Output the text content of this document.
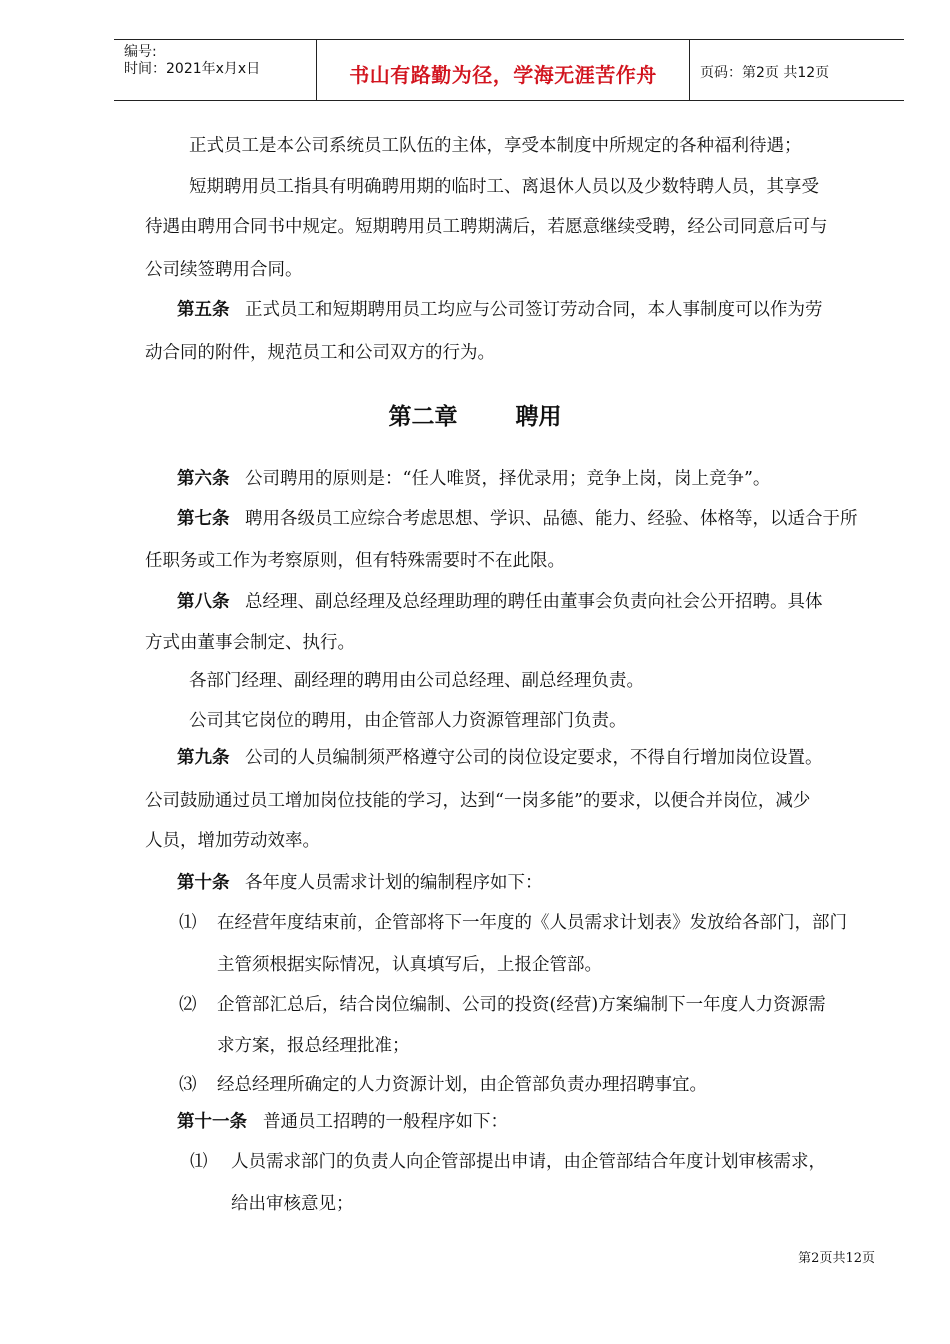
编号:
时间：2021年x月x日	书山有路勤为径，学海无涯苦作舟	页码：第2页 共12页
正式员工是本公司系统员工队伍的主体，享受本制度中所规定的各种福利待遇；
短期聘用员工指具有明确聘用期的临时工、离退休人员以及少数特聘人员，其享受
待遇由聘用合同书中规定。短期聘用员工聘期满后，若愿意继续受聘，经公司同意后可与
公司续签聘用合同。
第五条 正式员工和短期聘用员工均应与公司签订劳动合同，本人事制度可以作为劳
动合同的附件，规范员工和公司双方的行为。
第二章	聘用
第六条 公司聘用的原则是：“任人唯贤，择优录用；竞争上岗，岗上竞争”。
第七条 聘用各级员工应综合考虑思想、学识、品德、能力、经验、体格等，以适合于所
任职务或工作为考察原则，但有特殊需要时不在此限。
第八条 总经理、副总经理及总经理助理的聘任由董事会负责向社会公开招聘。具体
方式由董事会制定、执行。
各部门经理、副经理的聘用由公司总经理、副总经理负责。
公司其它岗位的聘用，由企管部人力资源管理部门负责。
第九条 公司的人员编制须严格遵守公司的岗位设定要求，不得自行增加岗位设置。
公司鼓励通过员工增加岗位技能的学习，达到“一岗多能”的要求，以便合并岗位，减少
人员，增加劳动效率。
第十条 各年度人员需求计划的编制程序如下：
⑴ 在经营年度结束前，企管部将下一年度的《人员需求计划表》发放给各部门，部门
主管须根据实际情况，认真填写后，上报企管部。
⑵ 企管部汇总后，结合岗位编制、公司的投资(经营)方案编制下一年度人力资源需
求方案，报总经理批准；
⑶ 经总经理所确定的人力资源计划，由企管部负责办理招聘事宜。
第十一条 普通员工招聘的一般程序如下：
⑴ 人员需求部门的负责人向企管部提出申请，由企管部结合年度计划审核需求，
给出审核意见；
第2页共12页
